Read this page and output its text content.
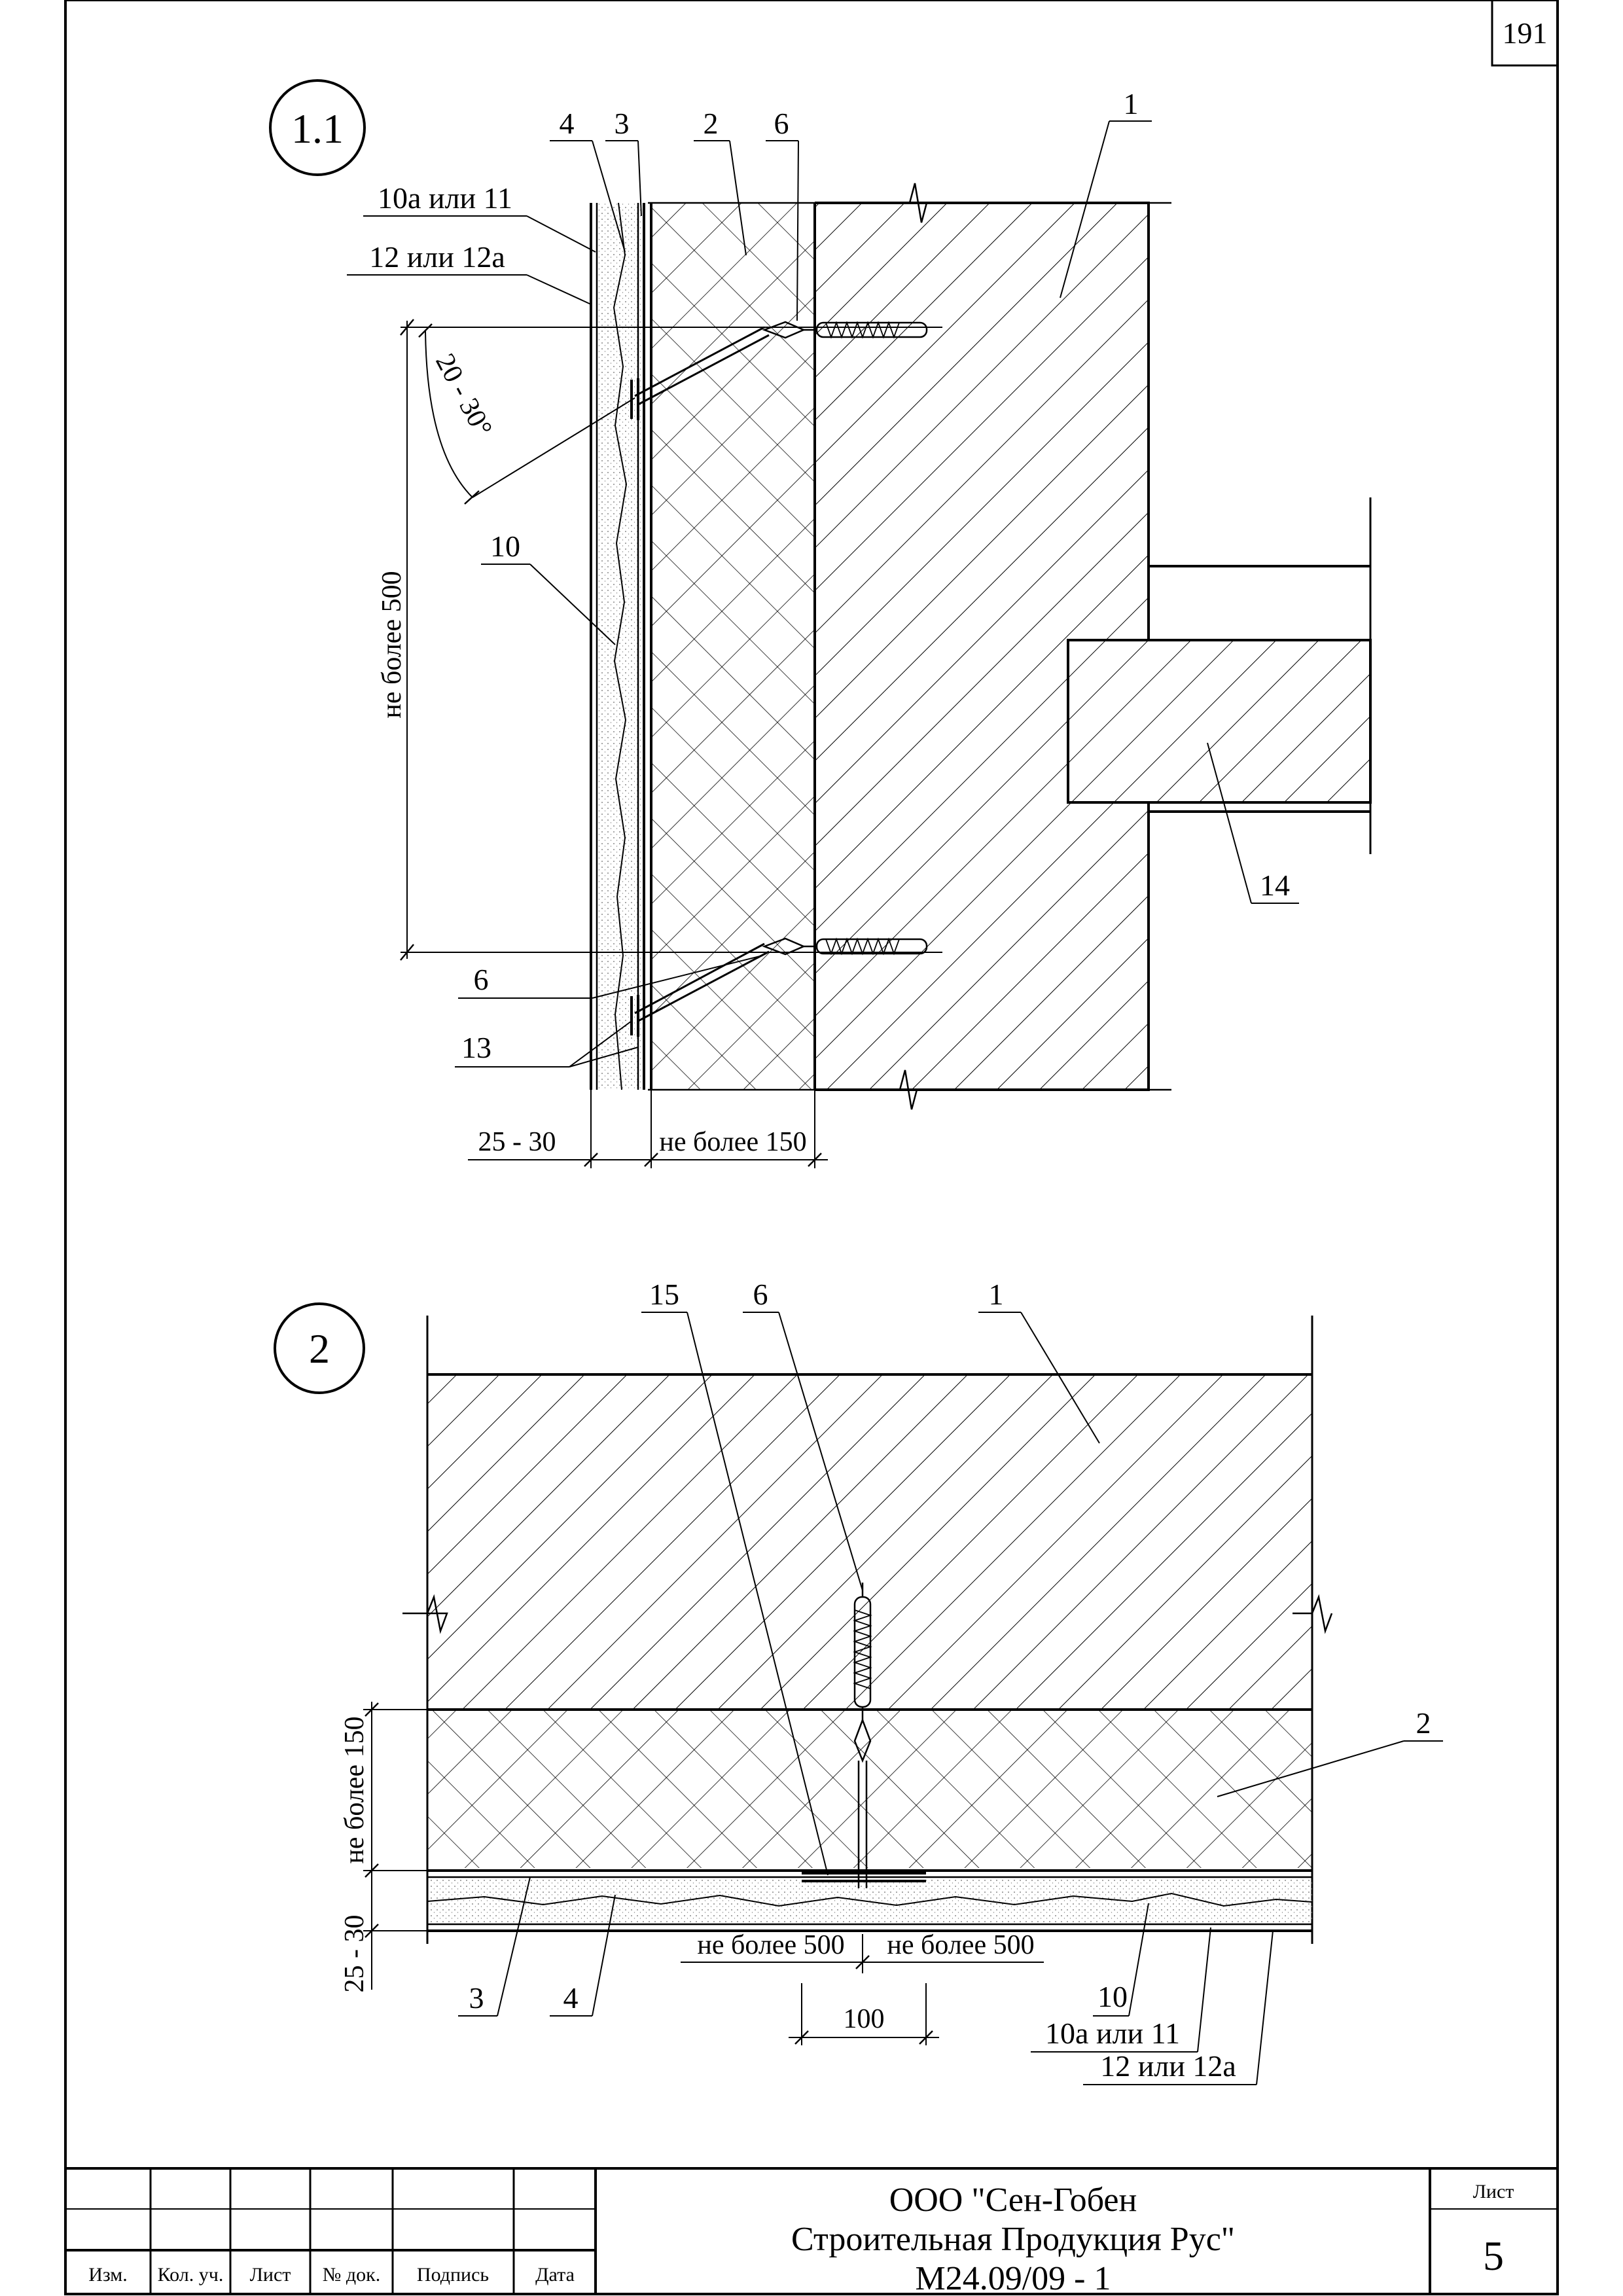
191
1.1
не более 500
20 - 30°
25 - 30	не более 150
4 3 2 6
1
10а или 11
12 или 12а
10
14
6
13
2
не более 150
25 - 30	не более 500 не более 500
100
15 6	1
2
3	4	10
10а или 11
12 или 12а
Изм. Кол. уч. Лист № док. Подпись Дата
ООО "Сен-Гобен
Строительная Продукция Рус"
М24.09/09 - 1
Лист
5
